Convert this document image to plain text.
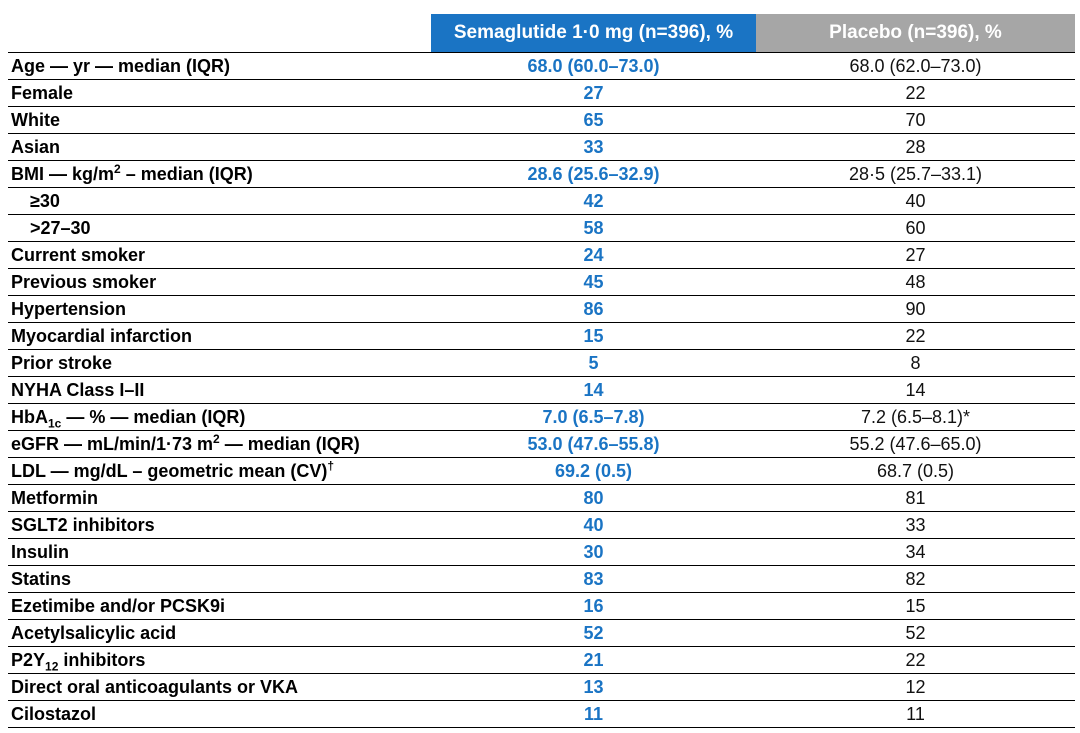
	Semaglutide 1·0 mg (n=396), %	Placebo (n=396), %
Age — yr — median (IQR)	68.0 (60.0–73.0)	68.0 (62.0–73.0)
Female	27	22
White	65	70
Asian	33	28
BMI — $kg/m^2$ – median (IQR)	28.6 (25.6–32.9)	28·5 (25.7–33.1)
≥30	42	40
>27–30	58	60
Current smoker	24	27
Previous smoker	45	48
Hypertension	86	90
Myocardial infarction	15	22
Prior stroke	5	8
NYHA Class I–II	14	14
HbA$_{1c}$ — % — median (IQR)	7.0 (6.5–7.8)	7.2 (6.5–8.1)*
eGFR — mL/min/1·73 $m^2$ — median (IQR)	53.0 (47.6–55.8)	55.2 (47.6–65.0)
LDL — mg/dL – geometric mean (CV)†	69.2 (0.5)	68.7 (0.5)
Metformin	80	81
SGLT2 inhibitors	40	33
Insulin	30	34
Statins	83	82
Ezetimibe and/or PCSK9i	16	15
Acetylsalicylic acid	52	52
$P2Y_{12}$ inhibitors	21	22
Direct oral anticoagulants or VKA	13	12
Cilostazol	11	11
